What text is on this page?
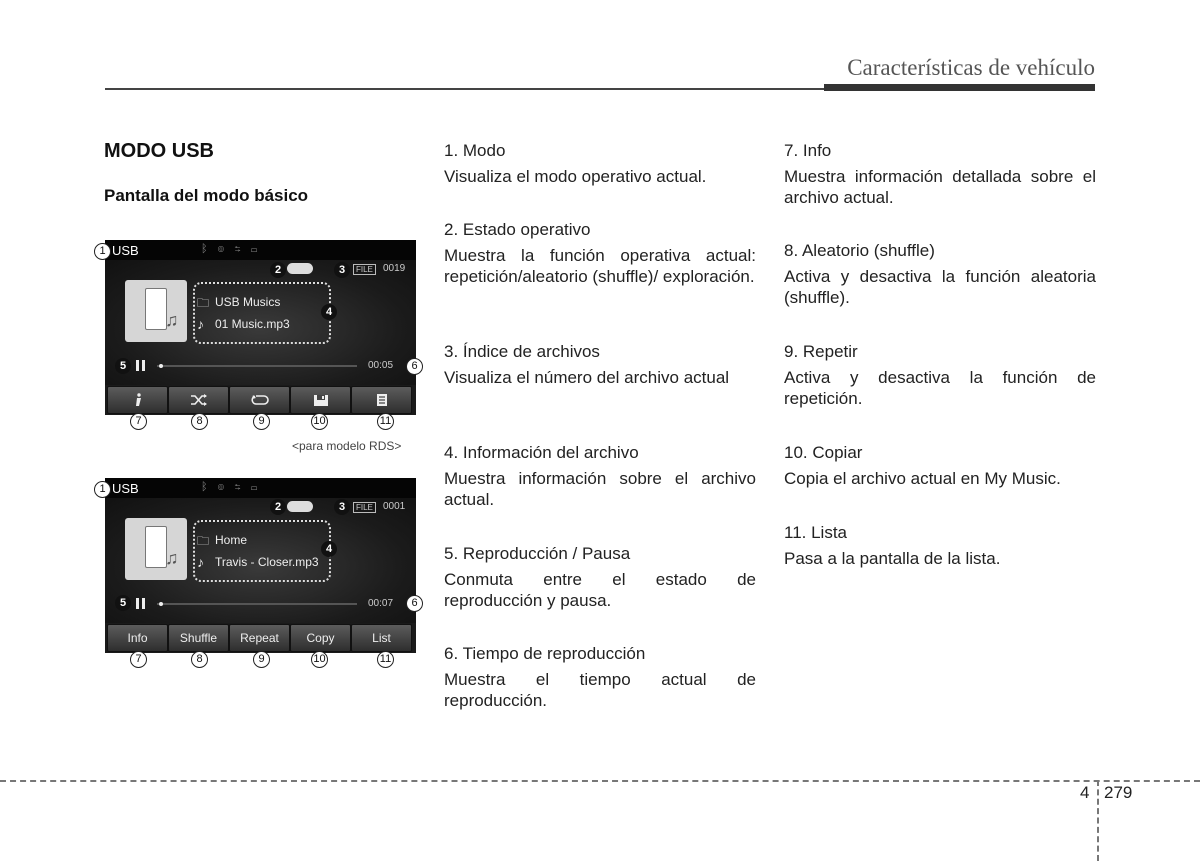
Características de vehículo
MODO USB
Pantalla del modo básico
USB	ᛒ◎⇆▭
FILE	0019
♫
🗀 USB Musics
♪ 01 Music.mp3
00:05
1
2	3
4
5	6
7	8	9	10	11
<para modelo RDS>
USB	ᛒ◎⇆▭
FILE	0001
♫
🗀 Home
♪ Travis - Closer.mp3
00:07
Info	Shuffle	Repeat	Copy	List
1
2	3
4
5	6
7	8	9	10	11

1. Modo
Visualiza el modo operativo actual.

2. Estado operativo
Muestra la función operativa actual: repetición/aleatorio (shuffle)/ exploración.

3. Índice de archivos
Visualiza el número del archivo actual

4. Información del archivo
Muestra información sobre el archivo actual.

5. Reproducción / Pausa
Conmuta entre el estado de reproducción y pausa.

6. Tiempo de reproducción
Muestra el tiempo actual de reproducción.

7. Info
Muestra información detallada sobre el archivo actual.

8. Aleatorio (shuffle)
Activa y desactiva la función aleatoria (shuffle).

9. Repetir
Activa y desactiva la función de repetición.

10. Copiar
Copia el archivo actual en My Music.

11. Lista
Pasa a la pantalla de la lista.

4 279
